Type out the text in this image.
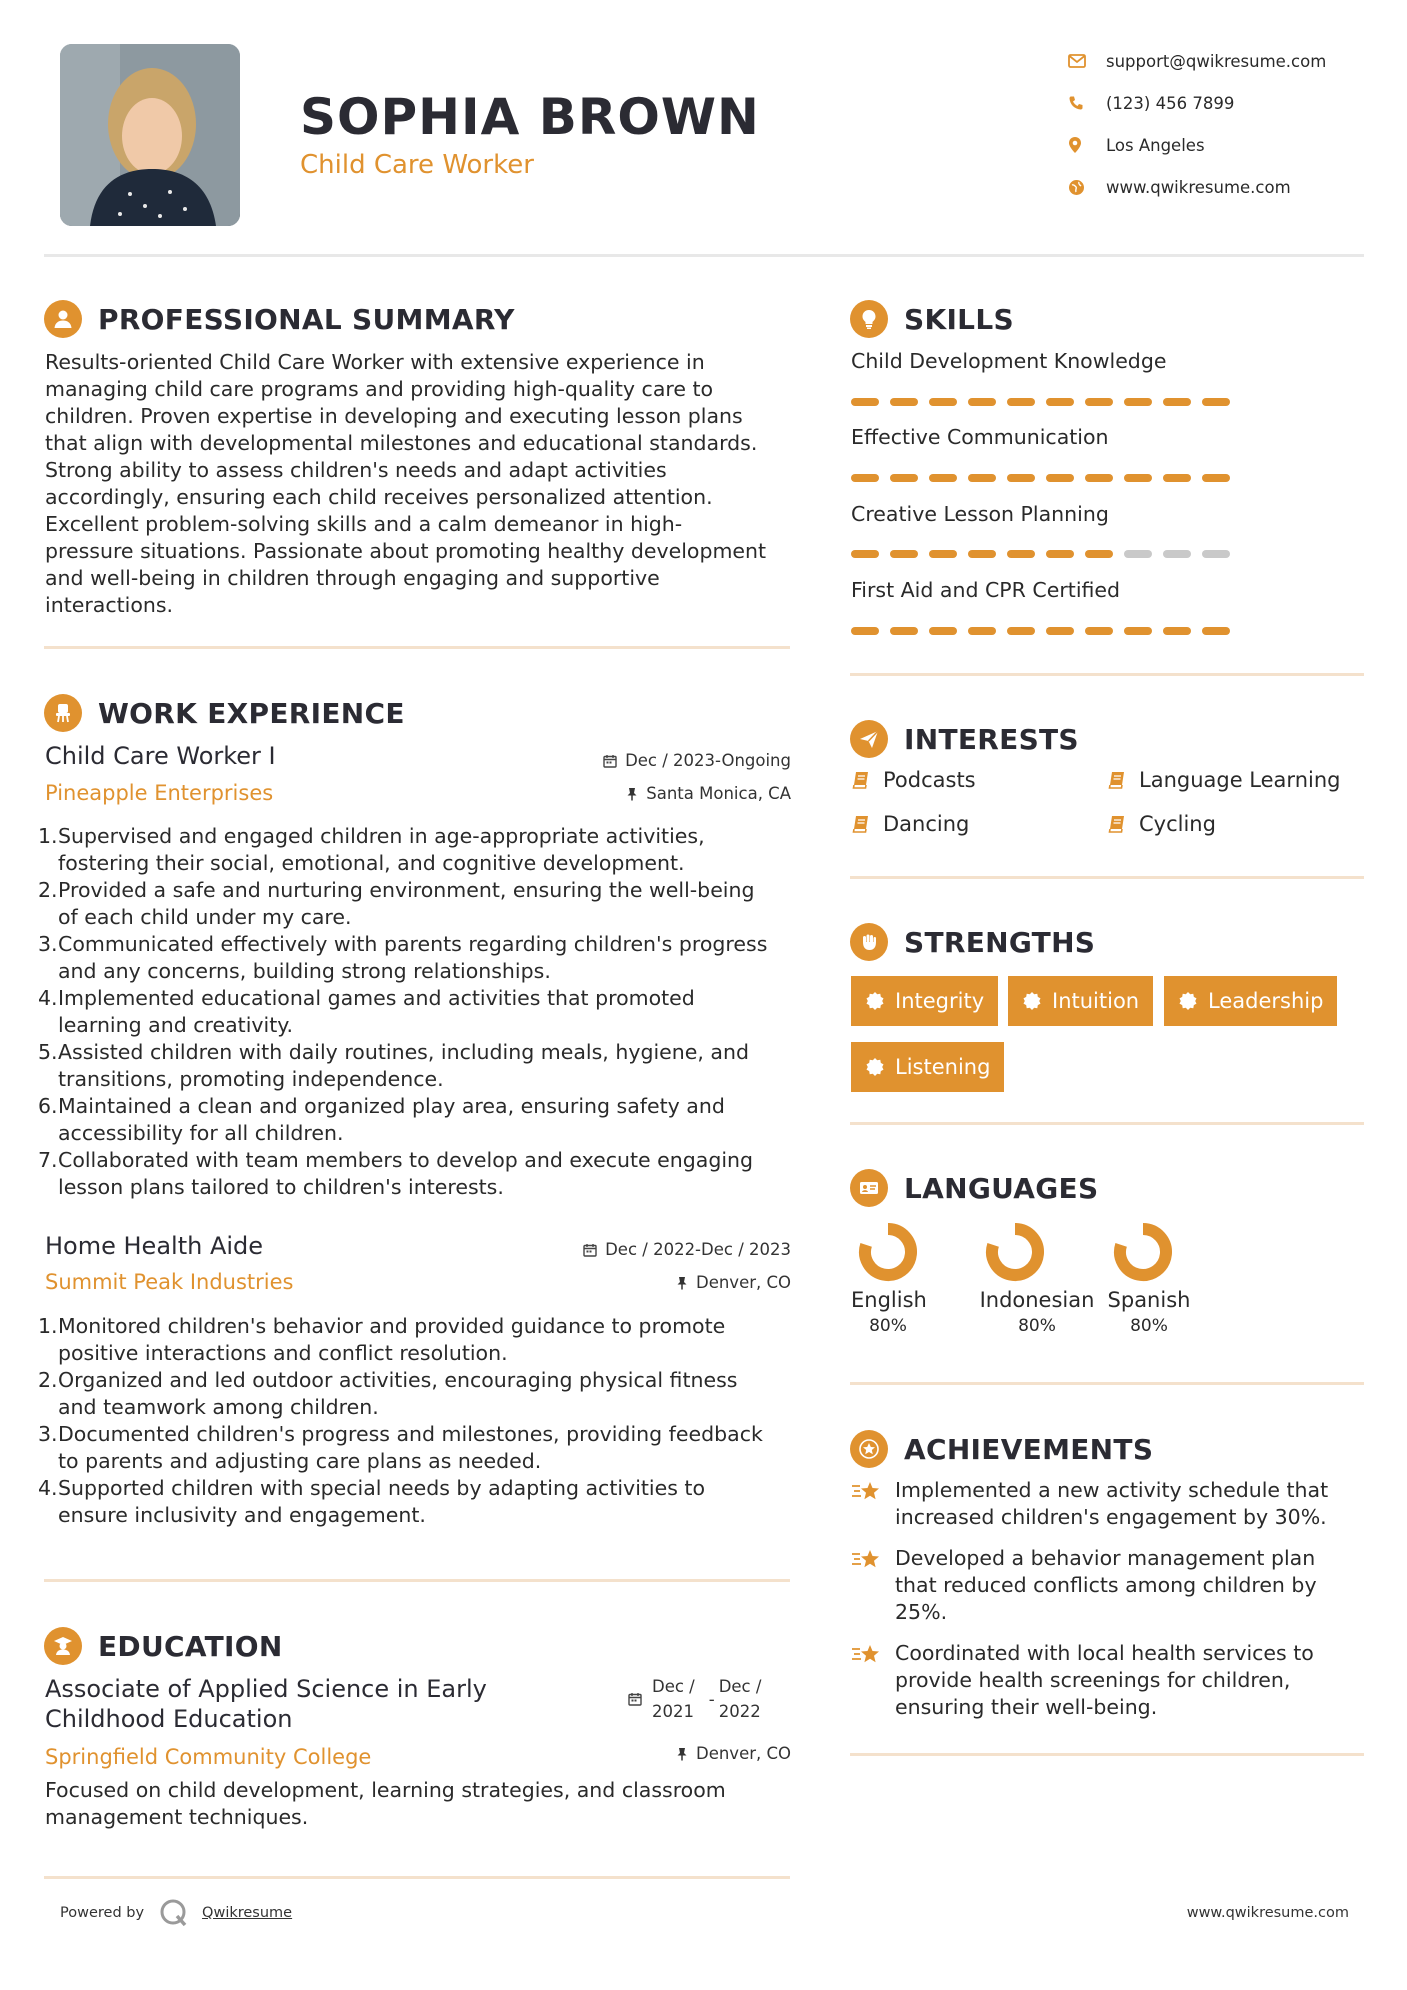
SOPHIA BROWN
Child Care Worker
support@qwikresume.com
(123) 456 7899
Los Angeles
www.qwikresume.com
PROFESSIONAL SUMMARY
Results-oriented Child Care Worker with extensive experience in
managing child care programs and providing high-quality care to
children. Proven expertise in developing and executing lesson plans
that align with developmental milestones and educational standards.
Strong ability to assess children's needs and adapt activities
accordingly, ensuring each child receives personalized attention.
Excellent problem-solving skills and a calm demeanor in high-
pressure situations. Passionate about promoting healthy development
and well-being in children through engaging and supportive
interactions.
WORK EXPERIENCE
Child Care Worker I
Pineapple Enterprises
Dec / 2023-Ongoing
Santa Monica, CA
1. Supervised and engaged children in age-appropriate activities,
fostering their social, emotional, and cognitive development.
2. Provided a safe and nurturing environment, ensuring the well-being
of each child under my care.
3. Communicated effectively with parents regarding children's progress
and any concerns, building strong relationships.
4. Implemented educational games and activities that promoted
learning and creativity.
5. Assisted children with daily routines, including meals, hygiene, and
transitions, promoting independence.
6. Maintained a clean and organized play area, ensuring safety and
accessibility for all children.
7. Collaborated with team members to develop and execute engaging
lesson plans tailored to children's interests.
Home Health Aide
Summit Peak Industries
Dec / 2022-Dec / 2023
Denver, CO
1. Monitored children's behavior and provided guidance to promote
positive interactions and conflict resolution.
2. Organized and led outdoor activities, encouraging physical fitness
and teamwork among children.
3. Documented children's progress and milestones, providing feedback
to parents and adjusting care plans as needed.
4. Supported children with special needs by adapting activities to
ensure inclusivity and engagement.
EDUCATION
Associate of Applied Science in Early
Childhood Education
Springfield Community College
Dec /
2021
-
Dec /
2022
Denver, CO
Focused on child development, learning strategies, and classroom
management techniques.
SKILLS
Child Development Knowledge
Effective Communication
Creative Lesson Planning
First Aid and CPR Certified
INTERESTS
Podcasts	Language Learning
Dancing	Cycling
STRENGTHS
Integrity	Intuition	Leadership
Listening
LANGUAGES
English
80%
Indonesian
80%
Spanish
80%
ACHIEVEMENTS
Implemented a new activity schedule that
increased children's engagement by 30%.
Developed a behavior management plan
that reduced conflicts among children by
25%.
Coordinated with local health services to
provide health screenings for children,
ensuring their well-being.
Powered by	Qwikresume	www.qwikresume.com
